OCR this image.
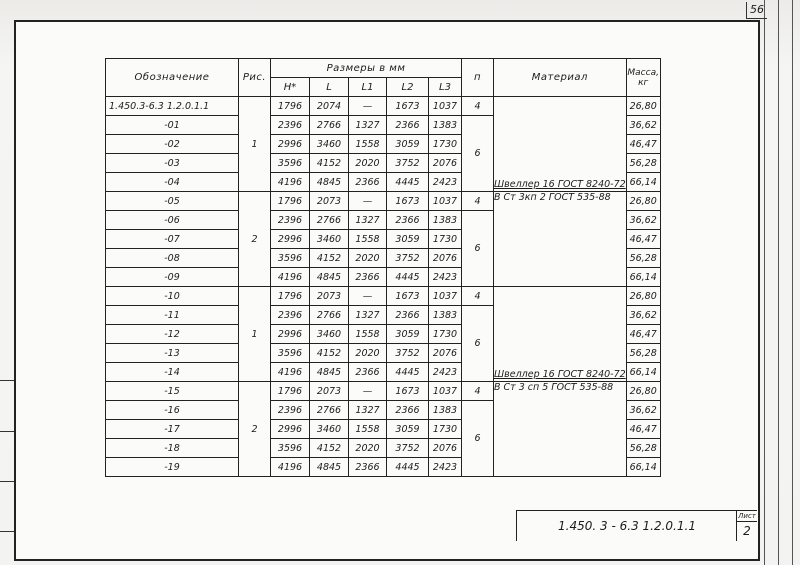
56
Обозначение	Рис.	Размеры в мм					п	Материал	Масса,
кг

		Н*	L	L1	L2	L3			
1.450.3-6.3 1.2.0.1.1	1	1796	2074	—	1673	1037	4	Швеллер 16 ГОСТ 8240-72	26,80
-01		2396	2766	1327	2366	1383	6		36,62
-02		2996	3460	1558	3059	1730			46,47
-03		3596	4152	2020	3752	2076			56,28
-04		4196	4845	2366	4445	2423			66,14
-05	2	1796	2073	—	1673	1037	4	В Ст 3кп 2 ГОСТ 535-88	26,80
-06		2396	2766	1327	2366	1383	6		36,62
-07		2996	3460	1558	3059	1730			46,47
-08		3596	4152	2020	3752	2076			56,28
-09		4196	4845	2366	4445	2423			66,14
-10	1	1796	2073	—	1673	1037	4	Швеллер 16 ГОСТ 8240-72	26,80
-11		2396	2766	1327	2366	1383	6		36,62
-12		2996	3460	1558	3059	1730			46,47
-13		3596	4152	2020	3752	2076			56,28
-14		4196	4845	2366	4445	2423			66,14
-15	2	1796	2073	—	1673	1037	4	В Ст 3 сп 5 ГОСТ 535-88	26,80
-16		2396	2766	1327	2366	1383	6		36,62
-17		2996	3460	1558	3059	1730			46,47
-18		3596	4152	2020	3752	2076			56,28
-19		4196	4845	2366	4445	2423			66,14
1.450. 3 - 6.3 1.2.0.1.1
Лист
2
